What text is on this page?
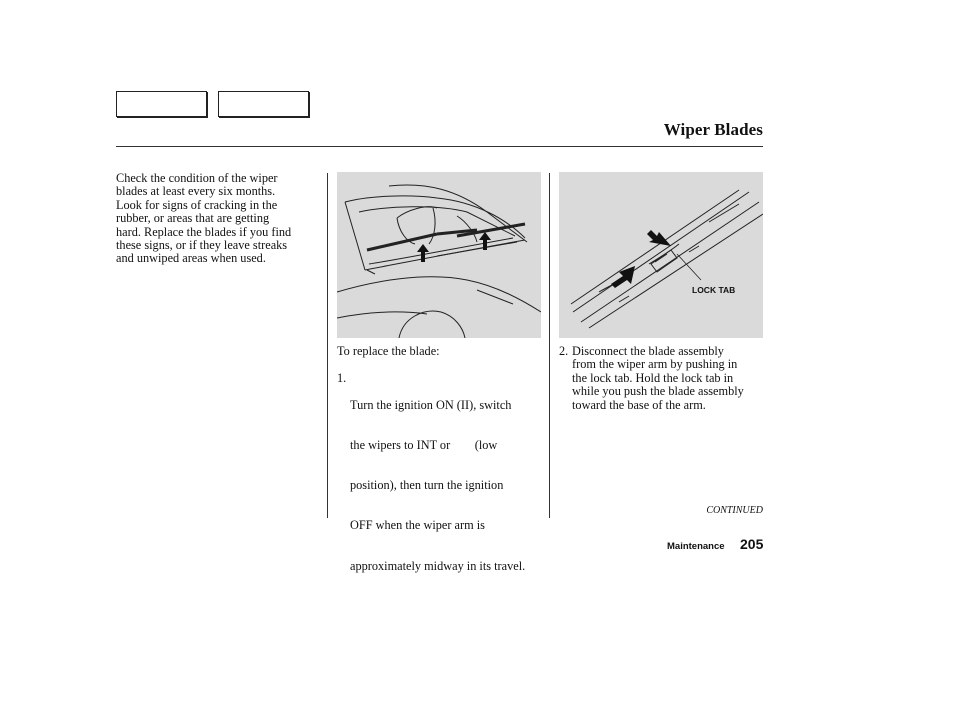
Wiper Blades
Check the condition of the wiper
blades at least every six months.
Look for signs of cracking in the
rubber, or areas that are getting
hard. Replace the blades if you find
these signs, or if they leave streaks
and unwiped areas when used.
LOCK TAB
To replace the blade:
1.

Turn the ignition ON (II), switch

the wipers to INT or        (low

position), then turn the ignition

OFF when the wiper arm is

approximately midway in its travel.

2. Disconnect the blade assembly
from the wiper arm by pushing in
the lock tab. Hold the lock tab in
while you push the blade assembly
toward the base of the arm.
CONTINUED
Maintenance 205
